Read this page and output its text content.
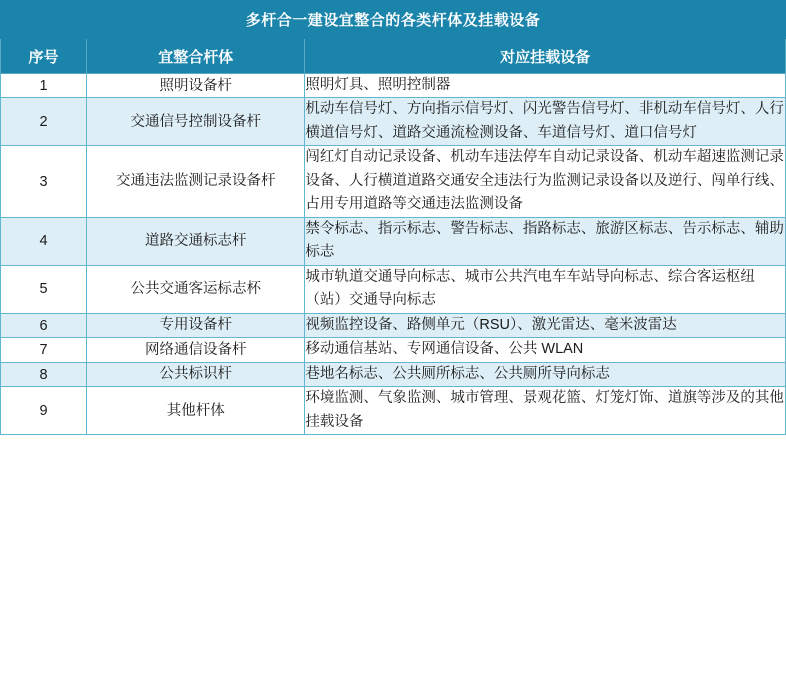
多杆合一建设宜整合的各类杆体及挂载设备		
序号	宜整合杆体	对应挂载设备
1	照明设备杆	照明灯具、照明控制器
2	交通信号控制设备杆	机动车信号灯、方向指示信号灯、闪光警告信号灯、非机动车信号灯、人行横道信号灯、道路交通流检测设备、车道信号灯、道口信号灯
3	交通违法监测记录设备杆	闯红灯自动记录设备、机动车违法停车自动记录设备、机动车超速监测记录设备、人行横道道路交通安全违法行为监测记录设备以及逆行、闯单行线、占用专用道路等交通违法监测设备
4	道路交通标志杆	禁令标志、指示标志、警告标志、指路标志、旅游区标志、告示标志、辅助标志
5	公共交通客运标志杯	城市轨道交通导向标志、城市公共汽电车车站导向标志、综合客运枢纽（站）交通导向标志
6	专用设备杆	视频监控设备、路侧单元（RSU）、激光雷达、毫米波雷达
7	网络通信设备杆	移动通信基站、专网通信设备、公共 WLAN
8	公共标识杆	巷地名标志、公共厕所标志、公共厕所导向标志
9	其他杆体	环境监测、气象监测、城市管理、景观花篮、灯笼灯饰、道旗等涉及的其他挂载设备
